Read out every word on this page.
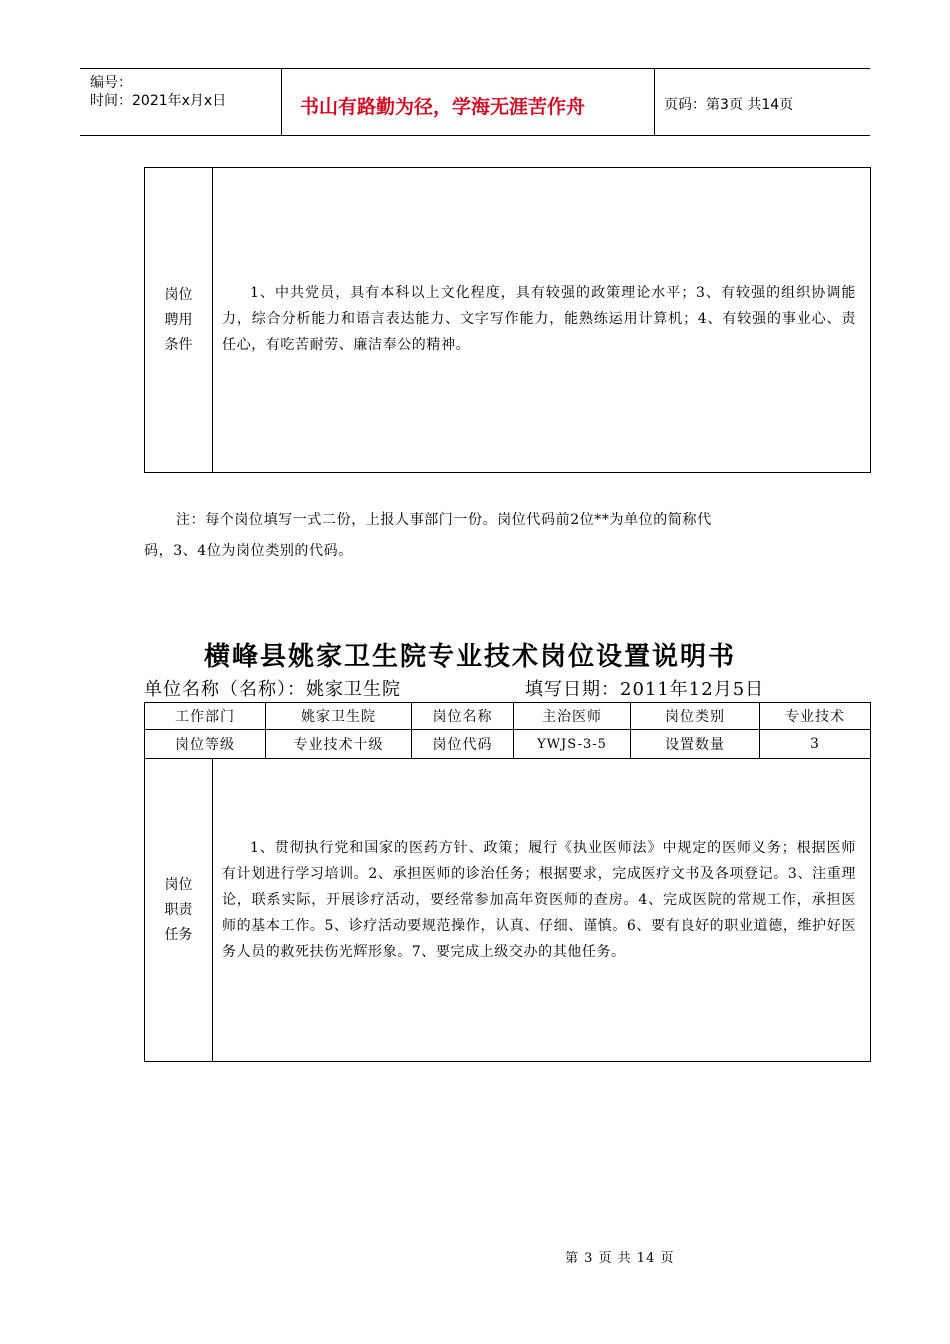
编号：
时间：2021年x月x日	书山有路勤为径，学海无涯苦作舟	页码：第3页 共14页
岗位
聘用
条件

1、中共党员，具有本科以上文化程度，具有较强的政策理论水平；3、有较强的组织协调能力，综合分析能力和语言表达能力、文字写作能力，能熟练运用计算机；4、有较强的事业心、责任心，有吃苦耐劳、廉洁奉公的精神。
注：每个岗位填写一式二份，上报人事部门一份。岗位代码前2位**为单位的简称代
码，3、4位为岗位类别的代码。
横峰县姚家卫生院专业技术岗位设置说明书
单位名称（名称）：姚家卫生院	填写日期：2011年12月5日
工作部门	姚家卫生院	岗位名称	主治医师	岗位类别	专业技术
岗位等级	专业技术十级	岗位代码	YWJS-3-5	设置数量	3
岗位
职责
任务

1、贯彻执行党和国家的医药方针、政策；履行《执业医师法》中规定的医师义务；根据医师有计划进行学习培训。2、承担医师的诊治任务；根据要求，完成医疗文书及各项登记。3、注重理论，联系实际，开展诊疗活动，要经常参加高年资医师的查房。4、完成医院的常规工作，承担医师的基本工作。5、诊疗活动要规范操作，认真、仔细、谨慎。6、要有良好的职业道德，维护好医务人员的救死扶伤光辉形象。7、要完成上级交办的其他任务。
第 3 页 共 14 页
